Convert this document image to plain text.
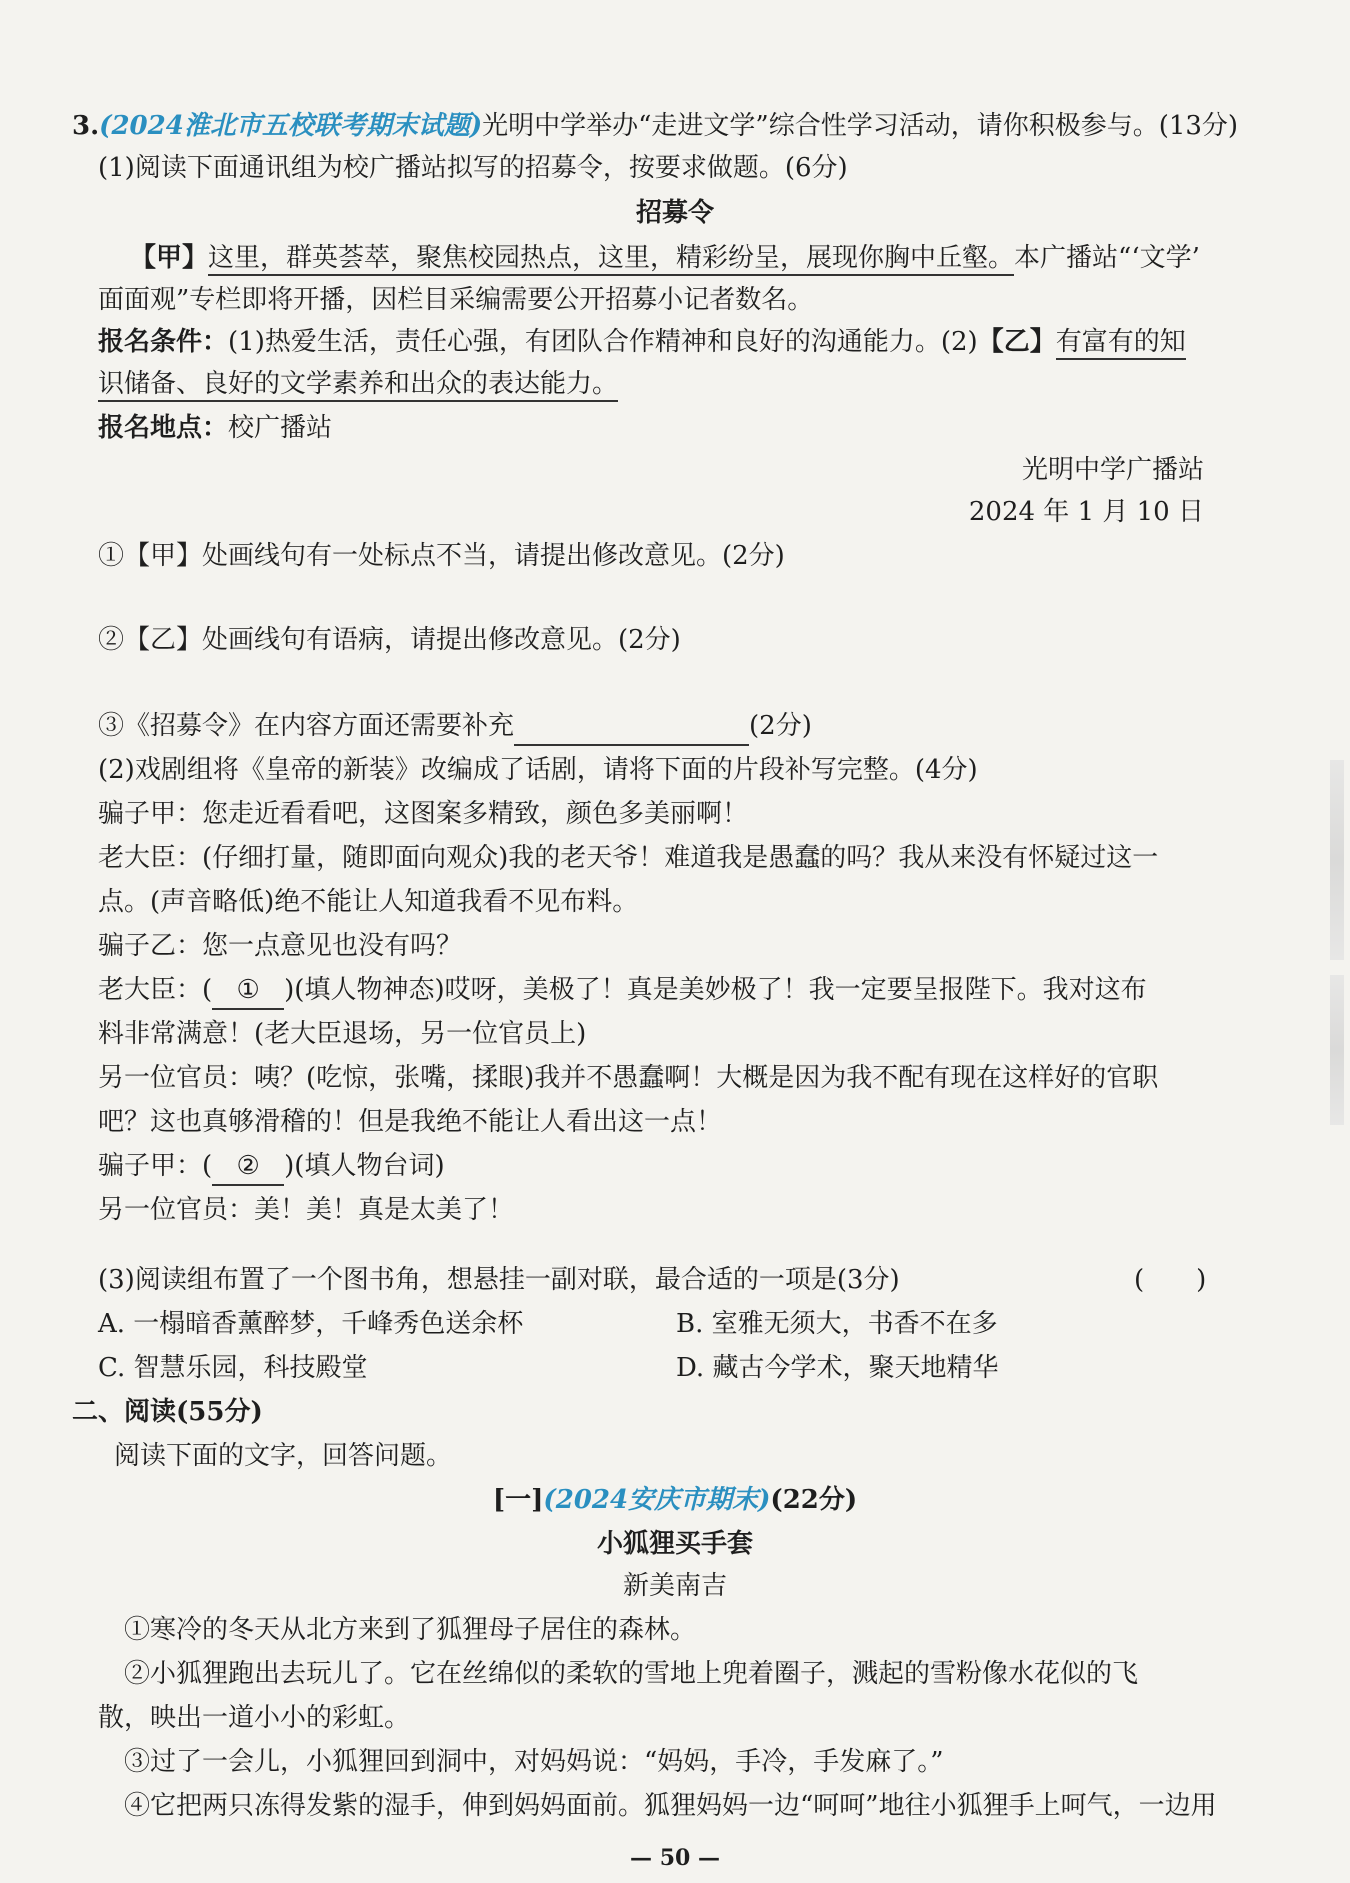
3.(2024淮北市五校联考期末试题)光明中学举办“走进文学”综合性学习活动，请你积极参与。(13分)
(1)阅读下面通讯组为校广播站拟写的招募令，按要求做题。(6分)
招募令
【甲】这里，群英荟萃，聚焦校园热点，这里，精彩纷呈，展现你胸中丘壑。本广播站“‘文学’
面面观”专栏即将开播，因栏目采编需要公开招募小记者数名。
报名条件：(1)热爱生活，责任心强，有团队合作精神和良好的沟通能力。(2)【乙】有富有的知
识储备、良好的文学素养和出众的表达能力。
报名地点：校广播站
光明中学广播站
2024 年 1 月 10 日
①【甲】处画线句有一处标点不当，请提出修改意见。(2分)
②【乙】处画线句有语病，请提出修改意见。(2分)
③《招募令》在内容方面还需要补充	(2分)
(2)戏剧组将《皇帝的新装》改编成了话剧，请将下面的片段补写完整。(4分)
骗子甲：您走近看看吧，这图案多精致，颜色多美丽啊！
老大臣：(仔细打量，随即面向观众)我的老天爷！难道我是愚蠢的吗？我从来没有怀疑过这一
点。(声音略低)绝不能让人知道我看不见布料。
骗子乙：您一点意见也没有吗？
老大臣：( ① )(填人物神态)哎呀，美极了！真是美妙极了！我一定要呈报陛下。我对这布
料非常满意！(老大臣退场，另一位官员上)
另一位官员：咦？(吃惊，张嘴，揉眼)我并不愚蠢啊！大概是因为我不配有现在这样好的官职
吧？这也真够滑稽的！但是我绝不能让人看出这一点！
骗子甲：( ② )(填人物台词)
另一位官员：美！美！真是太美了！
(3)阅读组布置了一个图书角，想悬挂一副对联，最合适的一项是(3分)	(　　)
A. 一榻暗香薰醉梦，千峰秀色送余杯	B. 室雅无须大，书香不在多
C. 智慧乐园，科技殿堂	D. 藏古今学术，聚天地精华
二、阅读(55分)
阅读下面的文字，回答问题。
[一](2024安庆市期末)(22分)
小狐狸买手套
新美南吉
①寒冷的冬天从北方来到了狐狸母子居住的森林。
②小狐狸跑出去玩儿了。它在丝绵似的柔软的雪地上兜着圈子，溅起的雪粉像水花似的飞
散，映出一道小小的彩虹。
③过了一会儿，小狐狸回到洞中，对妈妈说：“妈妈，手冷，手发麻了。”
④它把两只冻得发紫的湿手，伸到妈妈面前。狐狸妈妈一边“呵呵”地往小狐狸手上呵气，一边用
— 50 —
